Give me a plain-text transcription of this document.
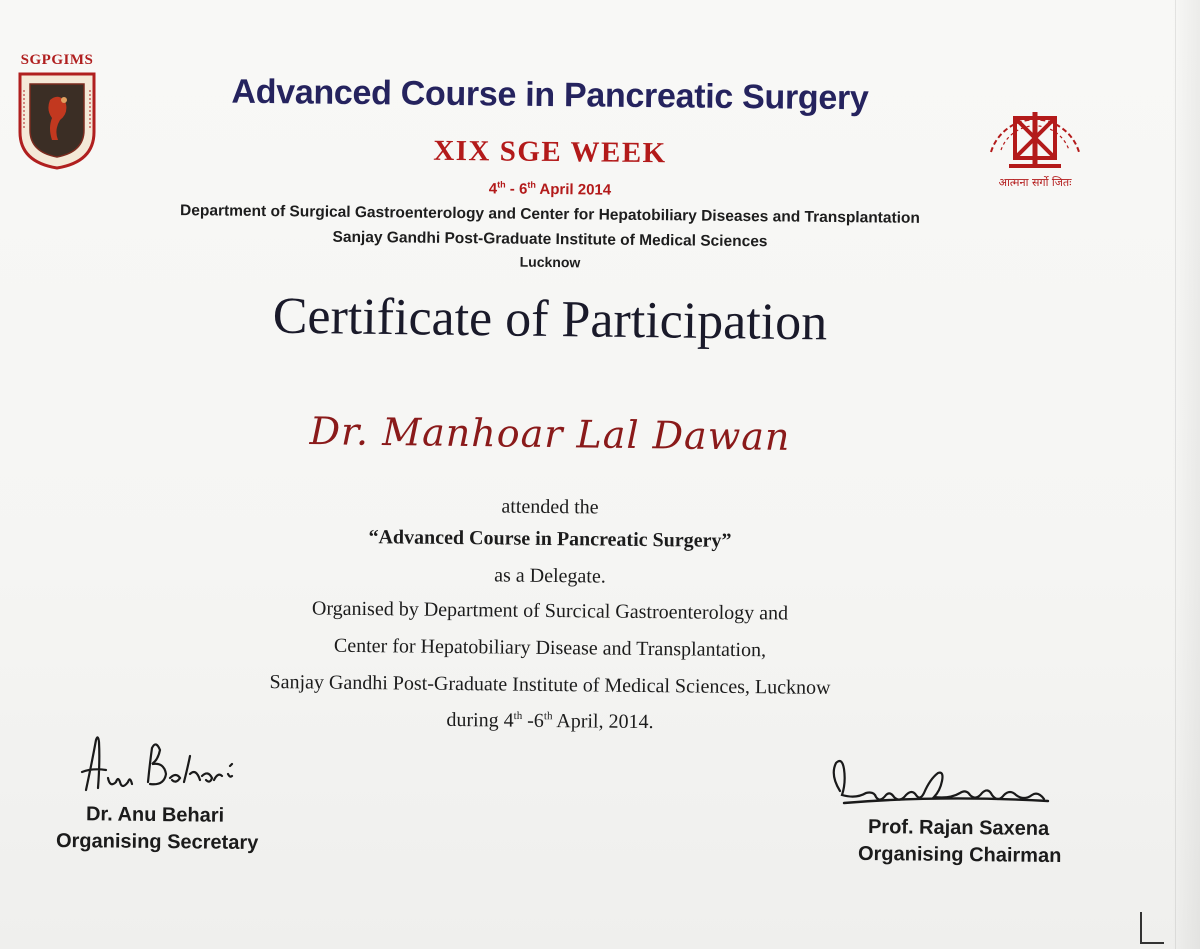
SGPGIMS
आत्मना सर्गो जितः
Advanced Course in Pancreatic Surgery
XIX SGE WEEK
4th - 6th April 2014
Department of Surgical Gastroenterology and Center for Hepatobiliary Diseases and Transplantation
Sanjay Gandhi Post-Graduate Institute of Medical Sciences
Lucknow
Certificate of Participation
Dr. Manhoar Lal Dawan
attended the
“Advanced Course in Pancreatic Surgery”
as a Delegate.
Organised by Department of Surcical Gastroenterology and
Center for Hepatobiliary Disease and Transplantation,
Sanjay Gandhi Post-Graduate Institute of Medical Sciences, Lucknow
during 4th -6th April, 2014.
Dr. Anu Behari
Organising Secretary
Prof. Rajan Saxena
Organising Chairman
